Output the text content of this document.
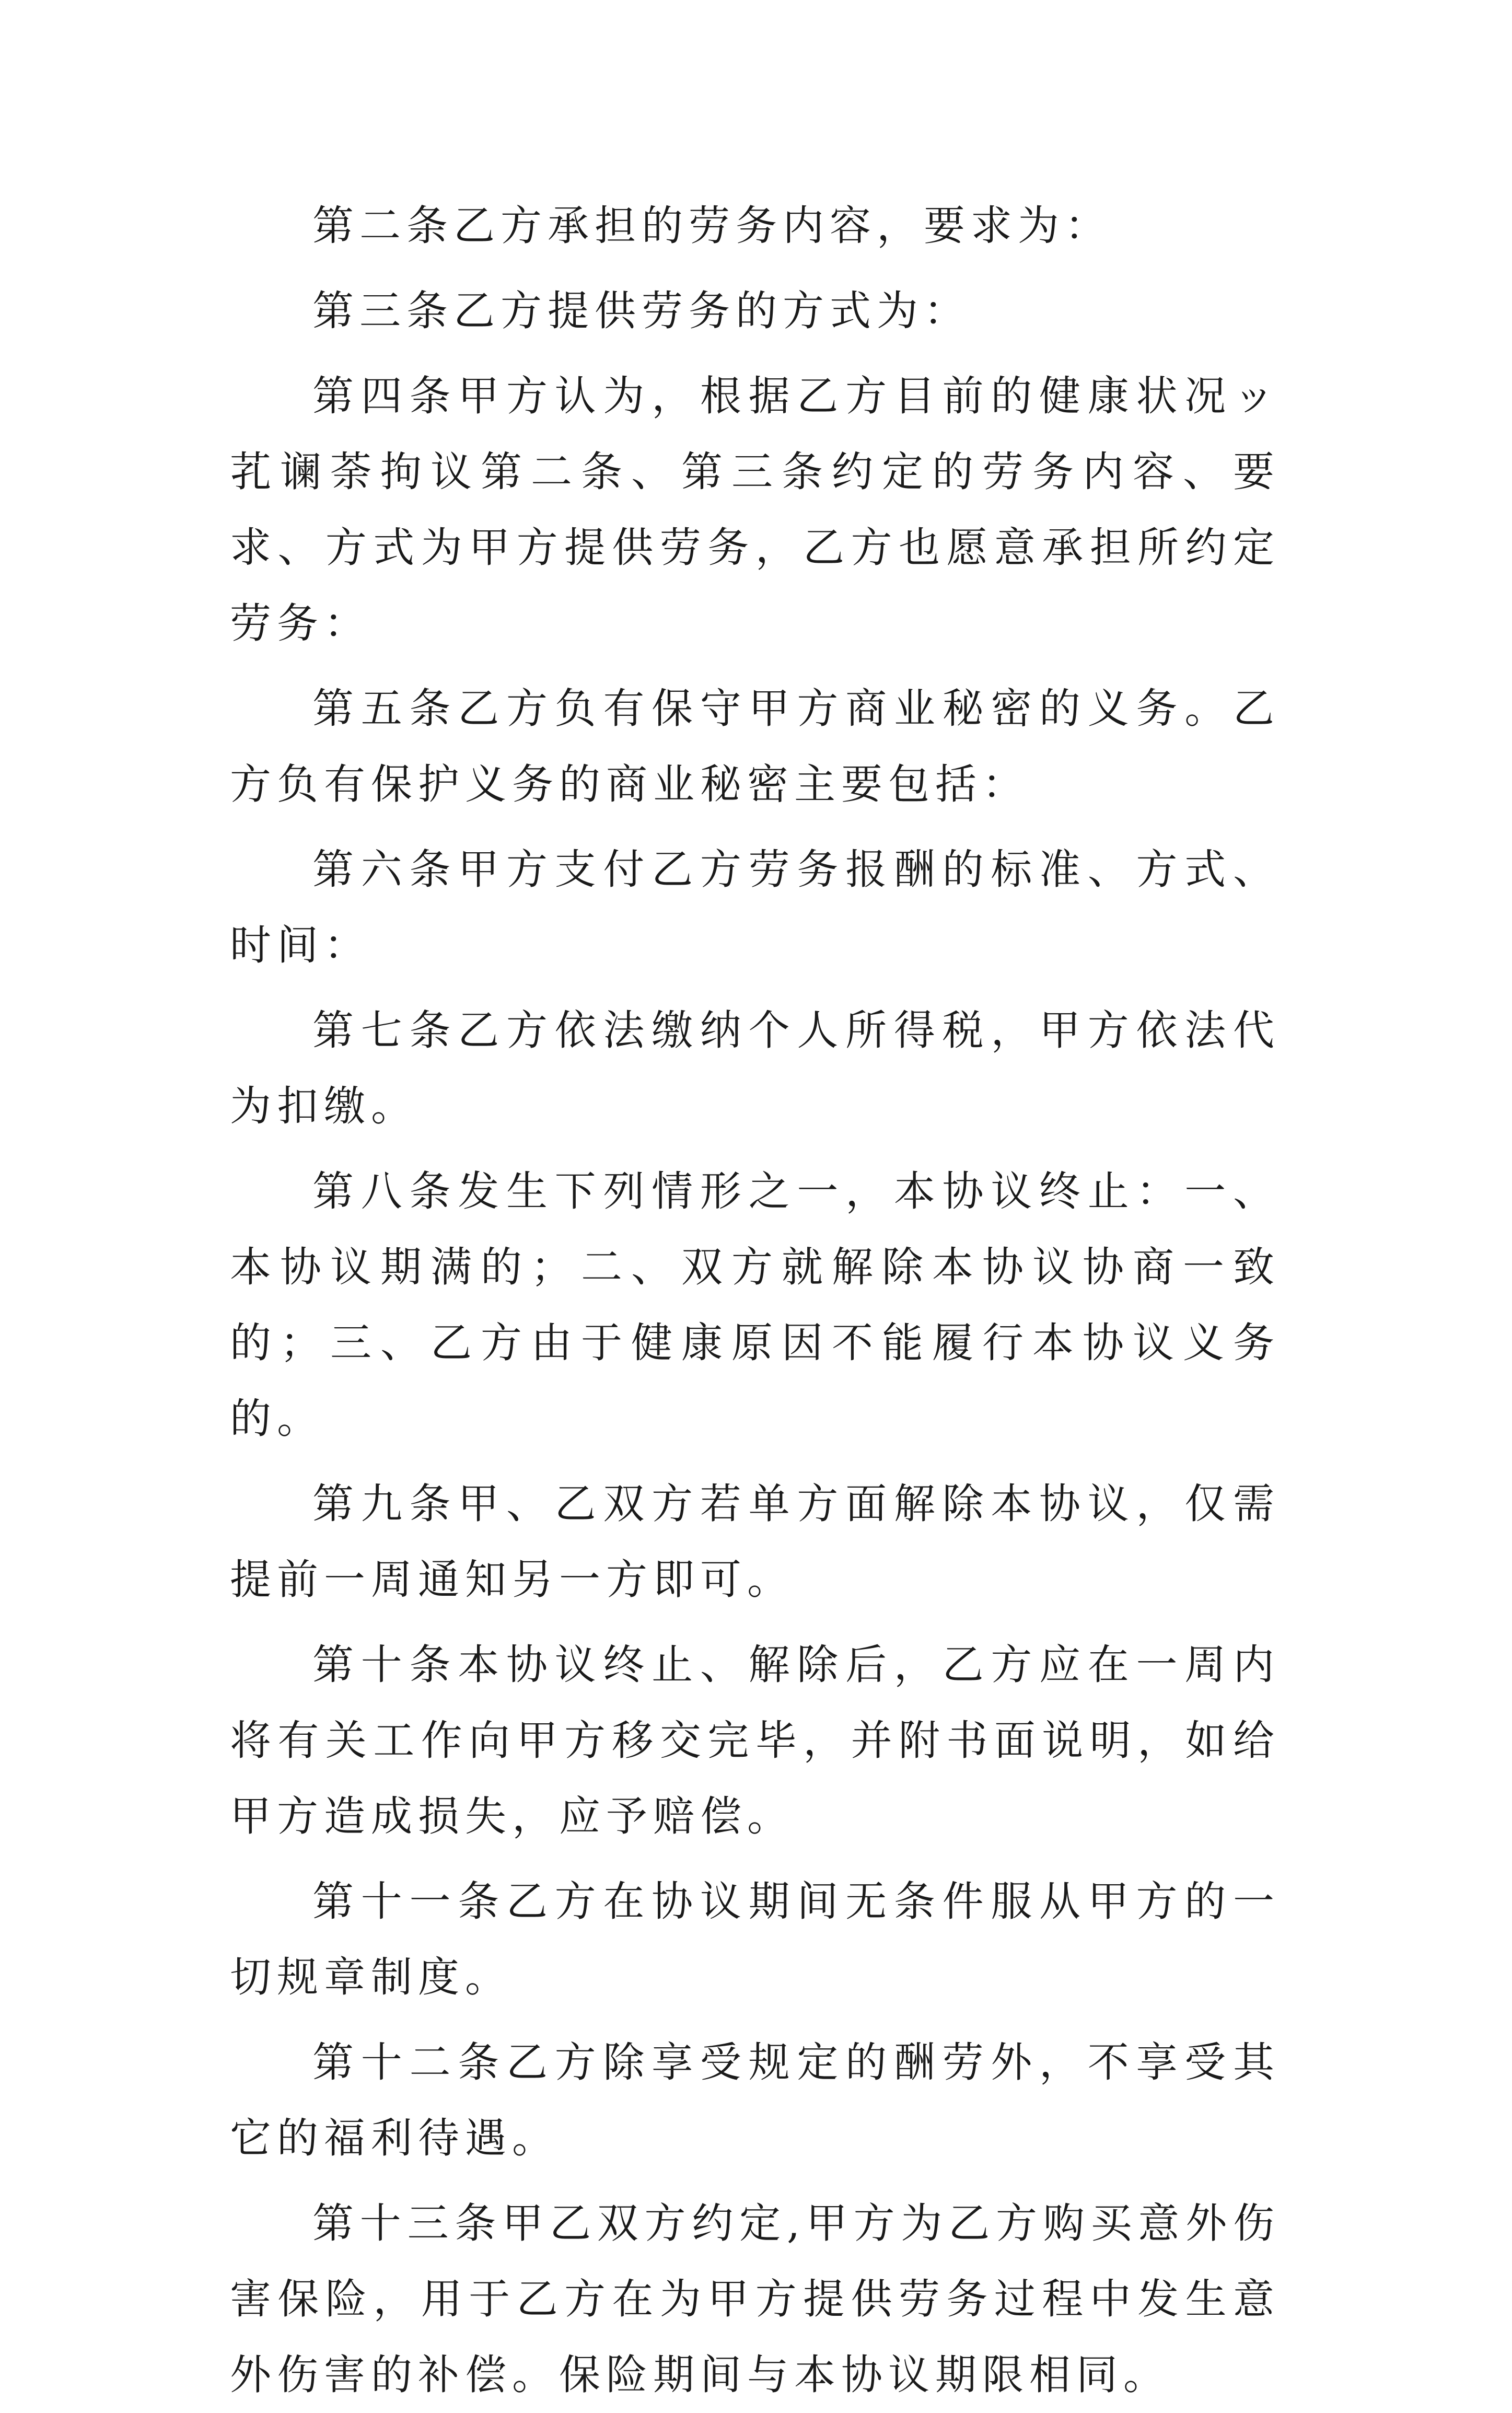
第二条乙方承担的劳务内容，要求为：

第三条乙方提供劳务的方式为：

第四条甲方认为，根据乙方目前的健康状况ッ芤谰荼拘议第二条、第三条约定的劳务内容、要求、方式为甲方提供劳务，乙方也愿意承担所约定劳务：

第五条乙方负有保守甲方商业秘密的义务。乙方负有保护义务的商业秘密主要包括：

第六条甲方支付乙方劳务报酬的标准、方式、时间：

第七条乙方依法缴纳个人所得税，甲方依法代为扣缴。

第八条发生下列情形之一，本协议终止：一、本协议期满的；二、双方就解除本协议协商一致的；三、乙方由于健康原因不能履行本协议义务的。

第九条甲、乙双方若单方面解除本协议，仅需提前一周通知另一方即可。

第十条本协议终止、解除后，乙方应在一周内将有关工作向甲方移交完毕，并附书面说明，如给甲方造成损失，应予赔偿。

第十一条乙方在协议期间无条件服从甲方的一切规章制度。

第十二条乙方除享受规定的酬劳外，不享受其它的福利待遇。

第十三条甲乙双方约定,甲方为乙方购买意外伤害保险，用于乙方在为甲方提供劳务过程中发生意外伤害的补偿。保险期间与本协议期限相同。
